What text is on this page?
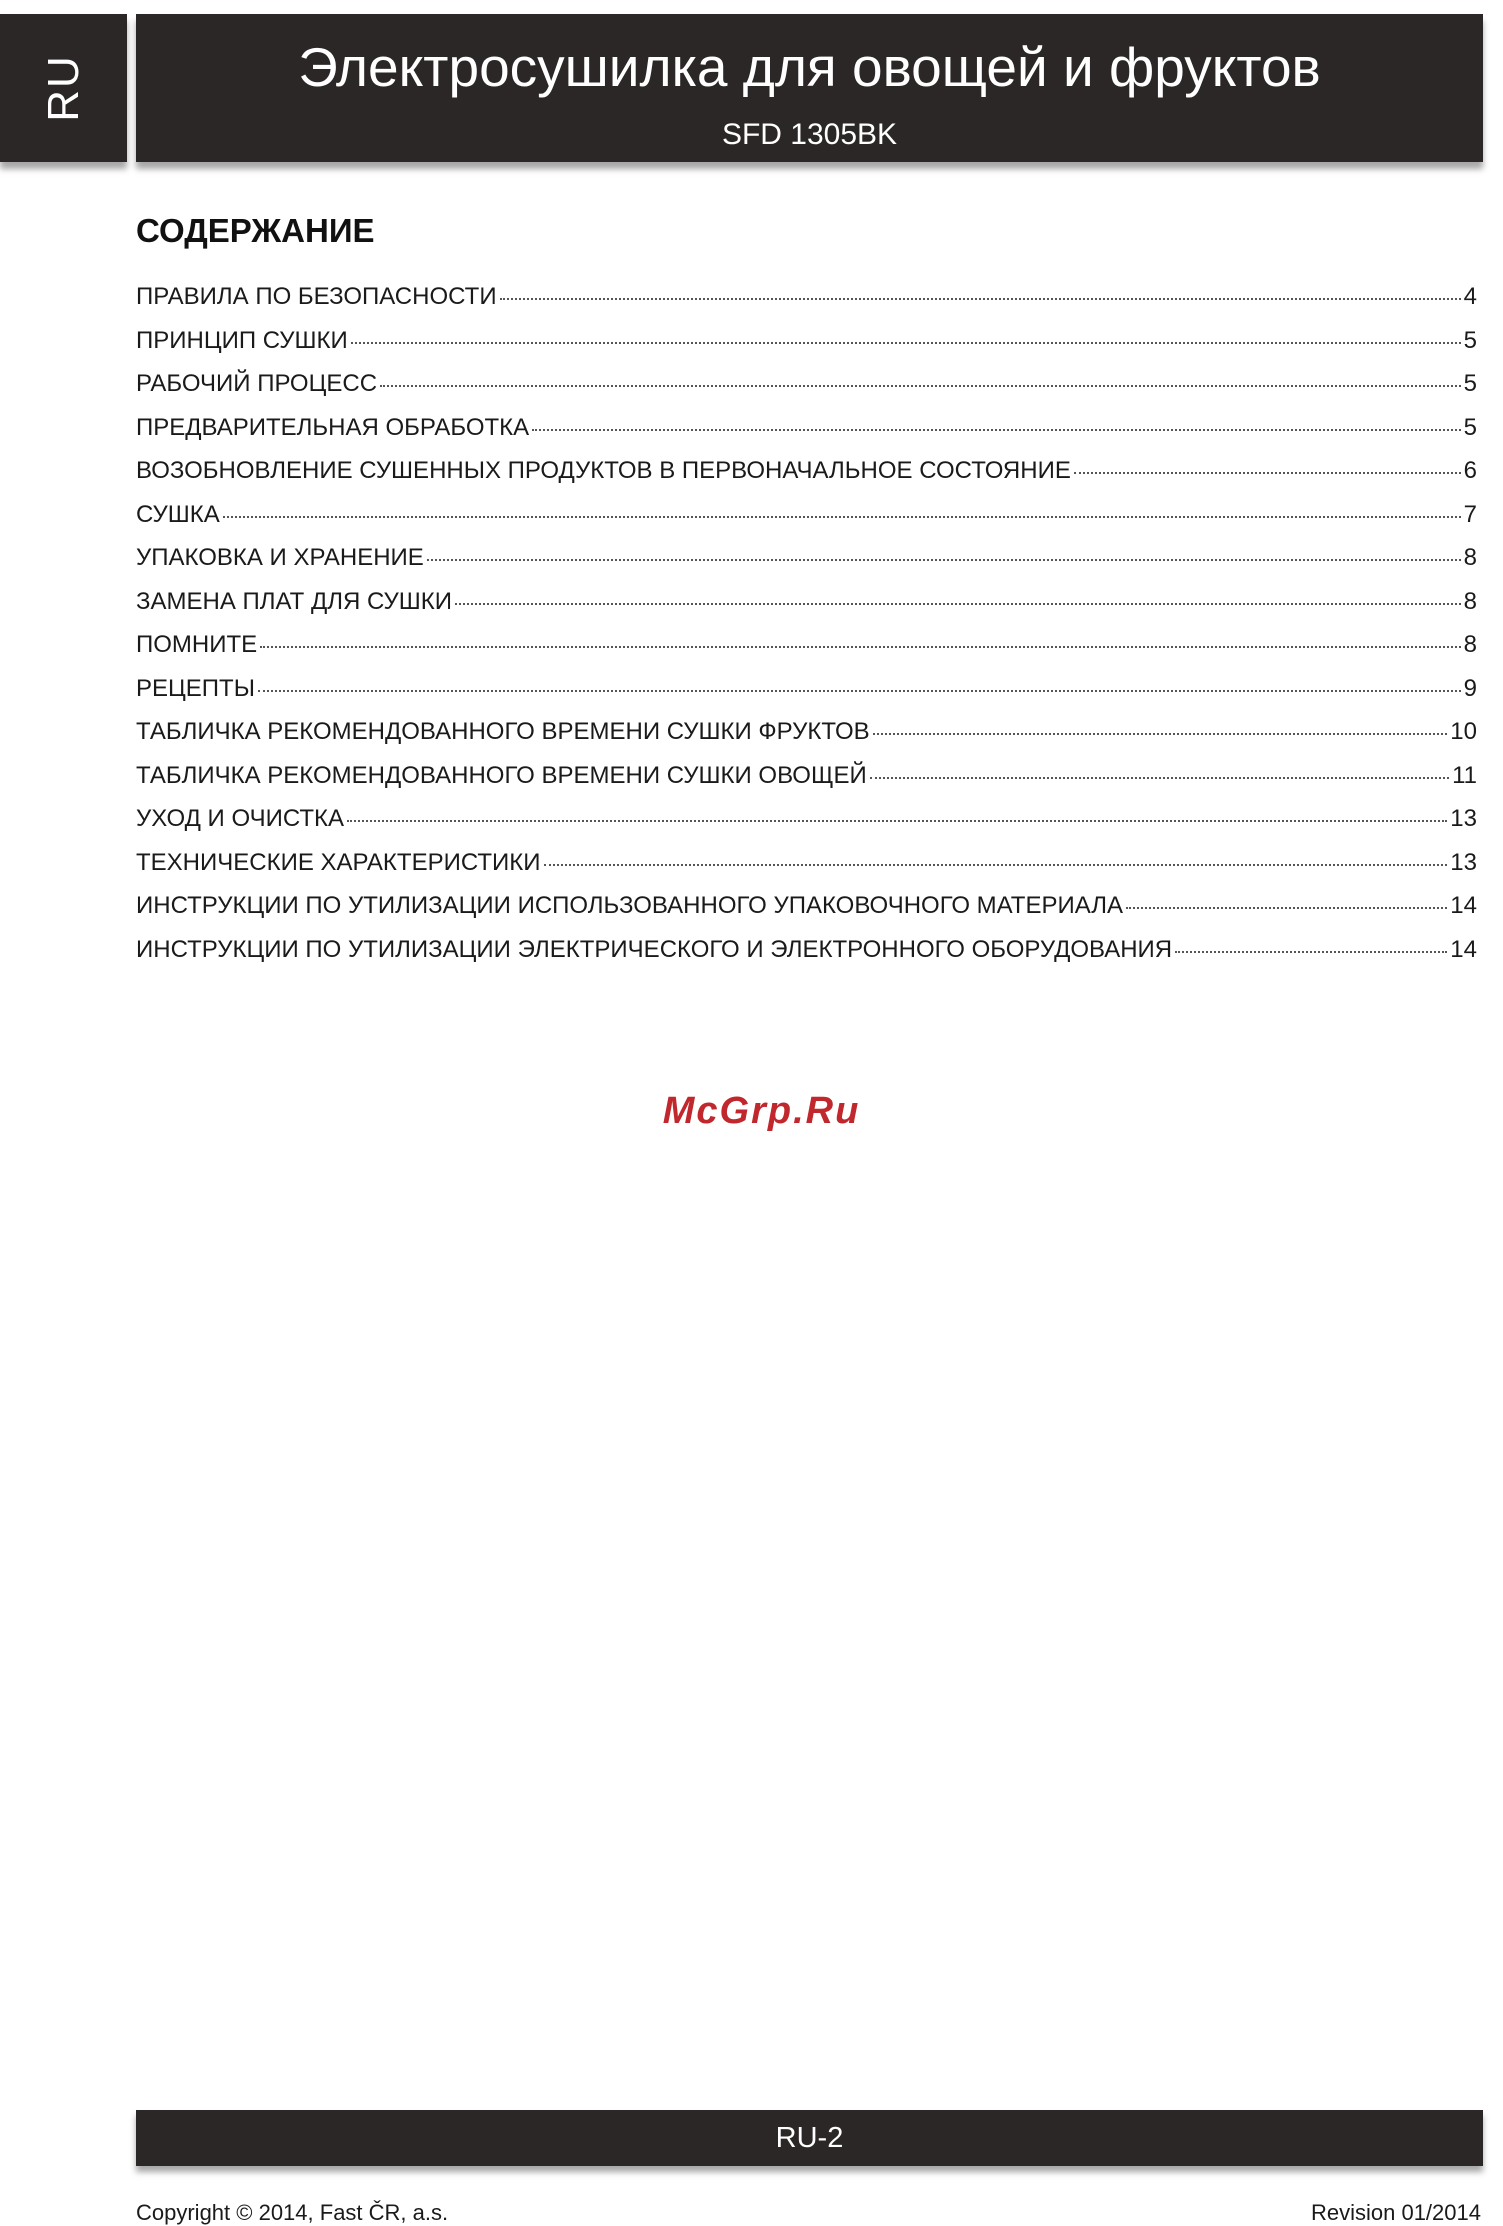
RU	Электросушилка для овощей и фруктов
SFD 1305BK
СОДЕРЖАНИЕ
ПРАВИЛА ПО БЕЗОПАСНОСТИ	4
ПРИНЦИП СУШКИ	5
РАБОЧИЙ ПРОЦЕСС	5
ПРЕДВАРИТЕЛЬНАЯ ОБРАБОТКА	5
ВОЗОБНОВЛЕНИЕ СУШЕННЫХ ПРОДУКТОВ В ПЕРВОНАЧАЛЬНОЕ СОСТОЯНИЕ	6
СУШКА	7
УПАКОВКА И ХРАНЕНИЕ	8
ЗАМЕНА ПЛАТ ДЛЯ СУШКИ	8
ПОМНИТЕ	8
РЕЦЕПТЫ	9
ТАБЛИЧКА РЕКОМЕНДОВАННОГО ВРЕМЕНИ СУШКИ ФРУКТОВ	10
ТАБЛИЧКА РЕКОМЕНДОВАННОГО ВРЕМЕНИ СУШКИ ОВОЩЕЙ	11
УХОД И ОЧИСТКА	13
ТЕХНИЧЕСКИЕ ХАРАКТЕРИСТИКИ	13
ИНСТРУКЦИИ ПО УТИЛИЗАЦИИ ИСПОЛЬЗОВАННОГО УПАКОВОЧНОГО МАТЕРИАЛА	14
ИНСТРУКЦИИ ПО УТИЛИЗАЦИИ ЭЛЕКТРИЧЕСКОГО И ЭЛЕКТРОННОГО ОБОРУДОВАНИЯ	14
McGrp.Ru
RU-2
Copyright © 2014, Fast ČR, a.s.	Revision 01/2014
